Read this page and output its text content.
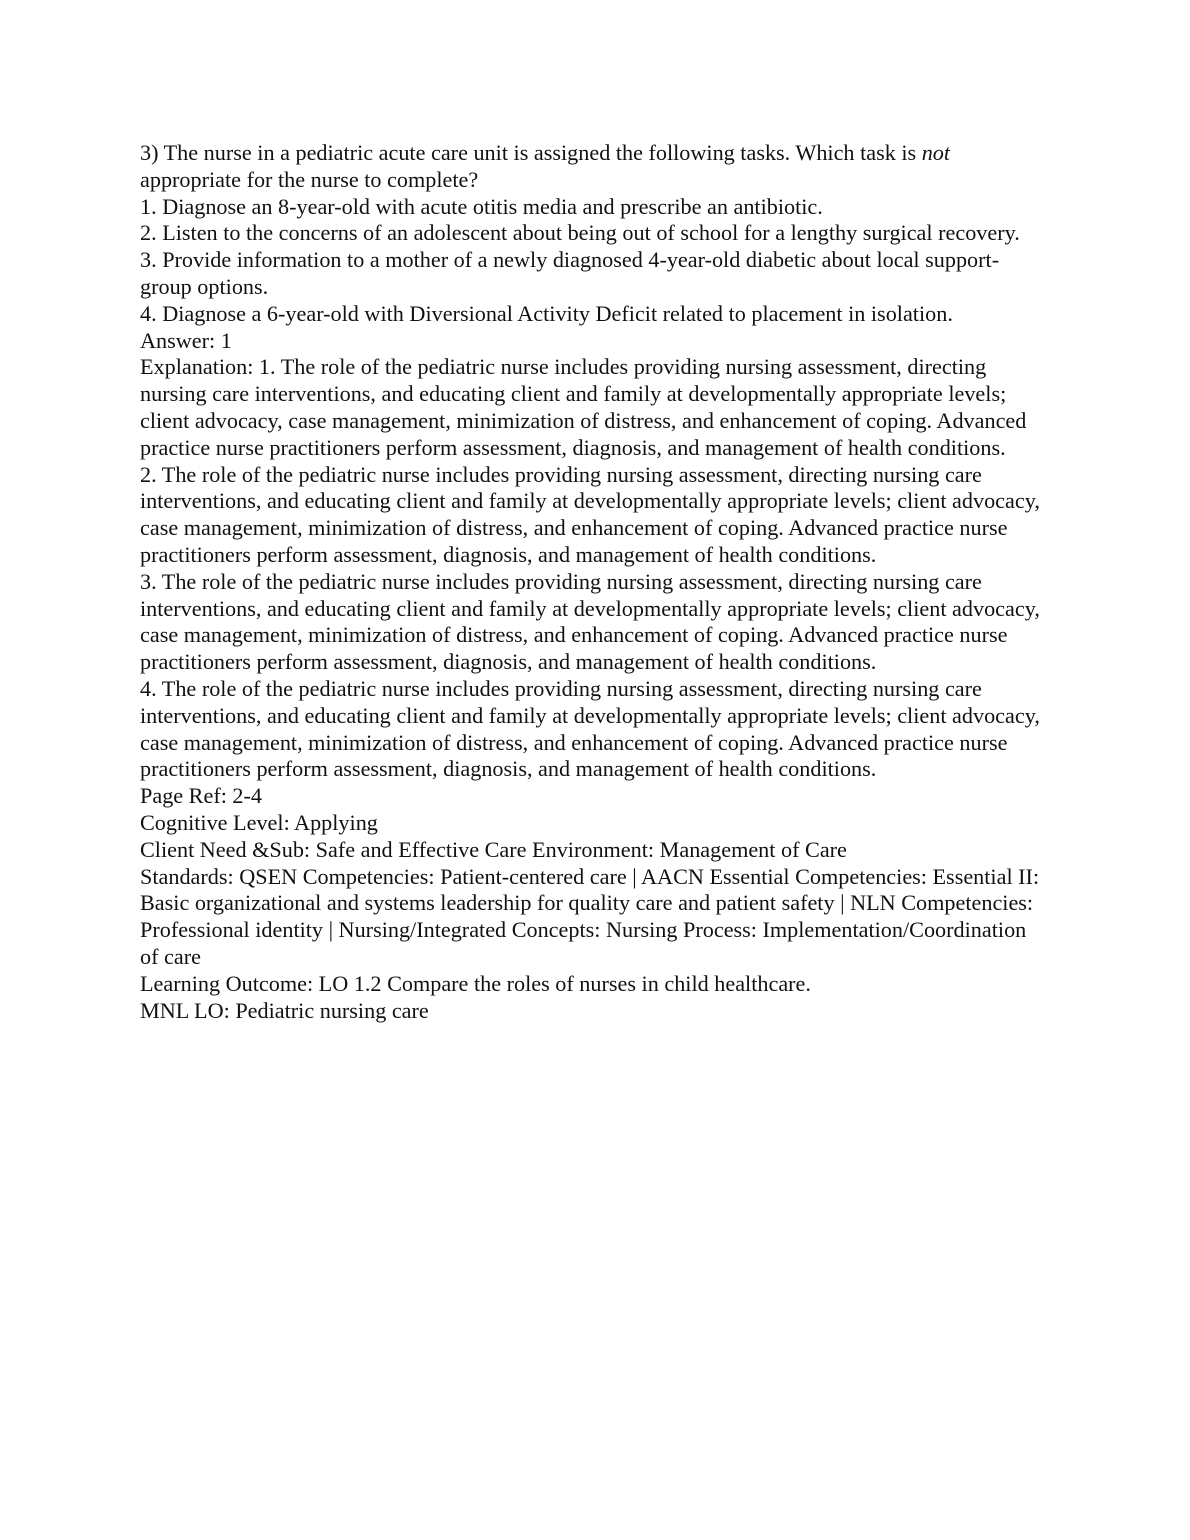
3) The nurse in a pediatric acute care unit is assigned the following tasks. Which task is not appropriate for the nurse to complete?

1. Diagnose an 8-year-old with acute otitis media and prescribe an antibiotic.

2. Listen to the concerns of an adolescent about being out of school for a lengthy surgical recovery.

3. Provide information to a mother of a newly diagnosed 4-year-old diabetic about local support-group options.

4. Diagnose a 6-year-old with Diversional Activity Deficit related to placement in isolation.

Answer: 1

Explanation: 1. The role of the pediatric nurse includes providing nursing assessment, directing nursing care interventions, and educating client and family at developmentally appropriate levels; client advocacy, case management, minimization of distress, and enhancement of coping. Advanced practice nurse practitioners perform assessment, diagnosis, and management of health conditions.

2. The role of the pediatric nurse includes providing nursing assessment, directing nursing care interventions, and educating client and family at developmentally appropriate levels; client advocacy, case management, minimization of distress, and enhancement of coping. Advanced practice nurse practitioners perform assessment, diagnosis, and management of health conditions.

3. The role of the pediatric nurse includes providing nursing assessment, directing nursing care interventions, and educating client and family at developmentally appropriate levels; client advocacy, case management, minimization of distress, and enhancement of coping. Advanced practice nurse practitioners perform assessment, diagnosis, and management of health conditions.

4. The role of the pediatric nurse includes providing nursing assessment, directing nursing care interventions, and educating client and family at developmentally appropriate levels; client advocacy, case management, minimization of distress, and enhancement of coping. Advanced practice nurse practitioners perform assessment, diagnosis, and management of health conditions.

Page Ref: 2-4

Cognitive Level: Applying

Client Need &Sub: Safe and Effective Care Environment: Management of Care

Standards: QSEN Competencies: Patient-centered care | AACN Essential Competencies: Essential II: Basic organizational and systems leadership for quality care and patient safety | NLN Competencies: Professional identity | Nursing/Integrated Concepts: Nursing Process: Implementation/Coordination of care

Learning Outcome: LO 1.2 Compare the roles of nurses in child healthcare.

MNL LO: Pediatric nursing care
